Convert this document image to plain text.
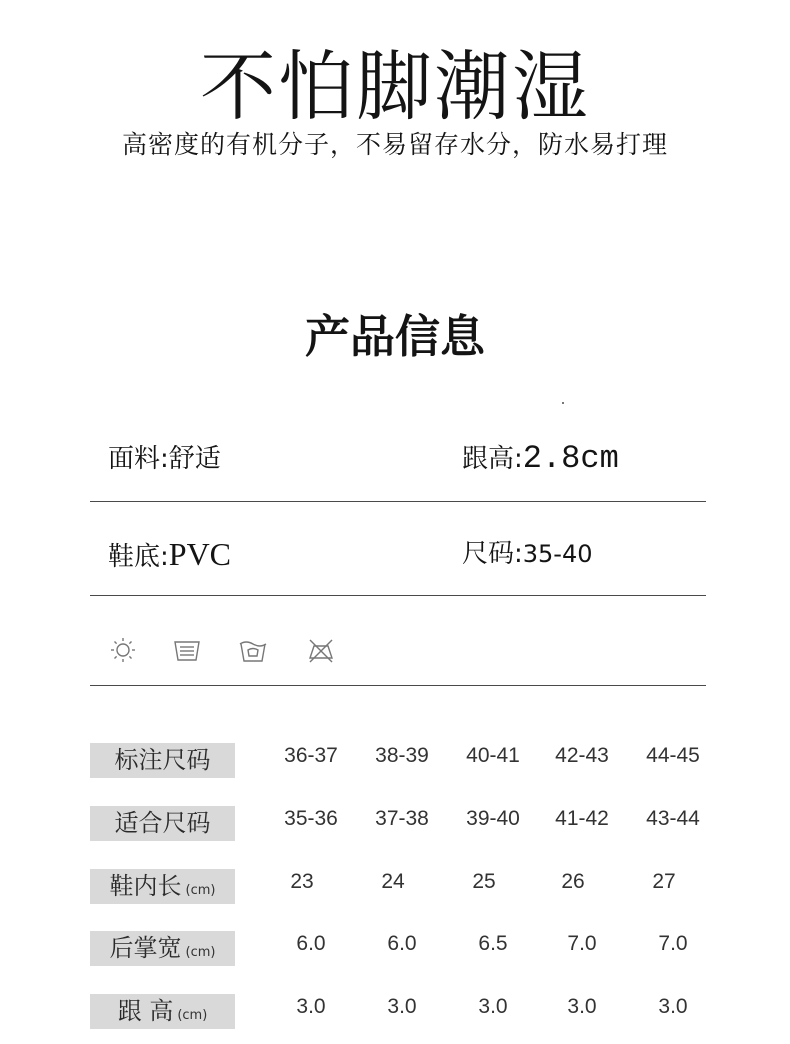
不怕脚潮湿
高密度的有机分子，不易留存水分，防水易打理
产品信息
面料:舒适	跟高:2.8cm
鞋底:PVC	尺码:35-40
标注尺码	36-37	38-39	40-41	42-43	44-45
适合尺码	35-36	37-38	39-40	41-42	43-44
鞋内长 (cm)	23	24	25	26	27
后掌宽 (cm)	6.0	6.0	6.5	7.0	7.0
跟 高 (cm)	3.0	3.0	3.0	3.0	3.0
